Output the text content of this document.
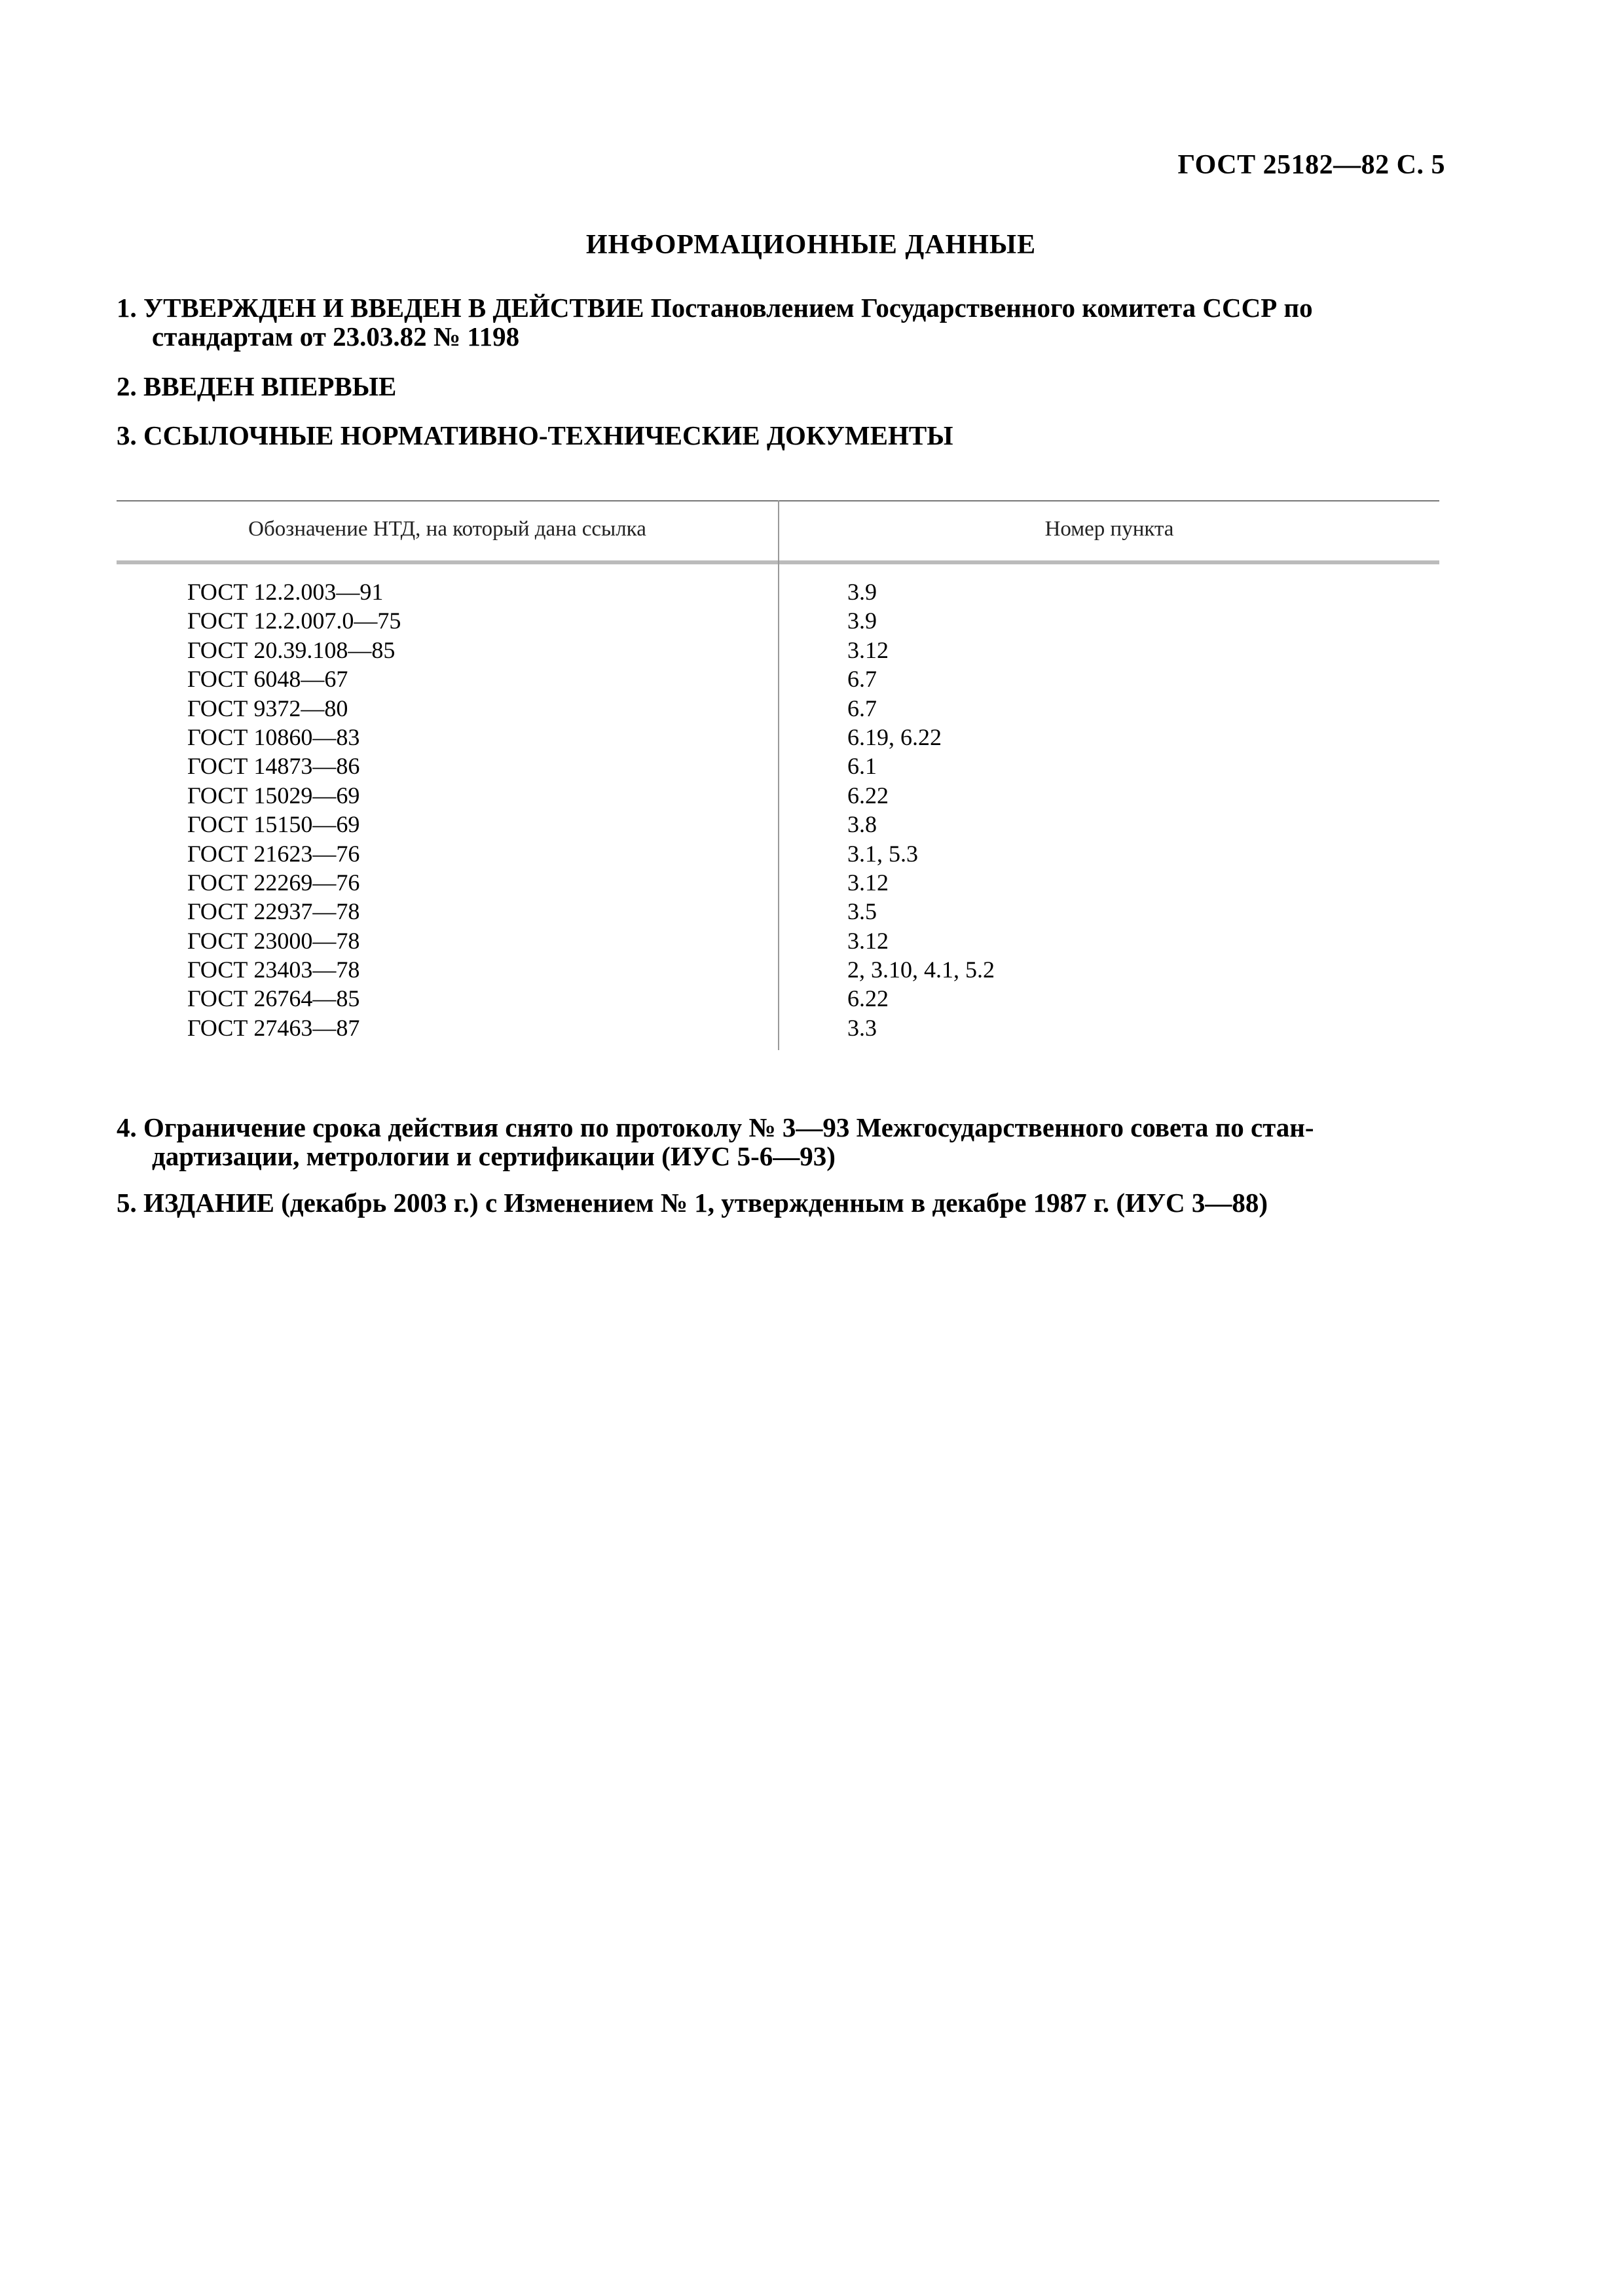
ГОСТ 25182—82 С. 5
ИНФОРМАЦИОННЫЕ ДАННЫЕ
1. УТВЕРЖДЕН И ВВЕДЕН В ДЕЙСТВИЕ Постановлением Государственного комитета СССР по
стандартам от 23.03.82 № 1198
2. ВВЕДЕН ВПЕРВЫЕ
3. ССЫЛОЧНЫЕ НОРМАТИВНО-ТЕХНИЧЕСКИЕ ДОКУМЕНТЫ
Обозначение НТД, на который дана ссылка	Номер пункта
ГОСТ 12.2.003—91	3.9
ГОСТ 12.2.007.0—75	3.9
ГОСТ 20.39.108—85	3.12
ГОСТ 6048—67	6.7
ГОСТ 9372—80	6.7
ГОСТ 10860—83	6.19, 6.22
ГОСТ 14873—86	6.1
ГОСТ 15029—69	6.22
ГОСТ 15150—69	3.8
ГОСТ 21623—76	3.1, 5.3
ГОСТ 22269—76	3.12
ГОСТ 22937—78	3.5
ГОСТ 23000—78	3.12
ГОСТ 23403—78	2, 3.10, 4.1, 5.2
ГОСТ 26764—85	6.22
ГОСТ 27463—87	3.3
4. Ограничение срока действия снято по протоколу № 3—93 Межгосударственного совета по стан-
дартизации, метрологии и сертификации (ИУС 5-6—93)
5. ИЗДАНИЕ (декабрь 2003 г.) с Изменением № 1, утвержденным в декабре 1987 г. (ИУС 3—88)
